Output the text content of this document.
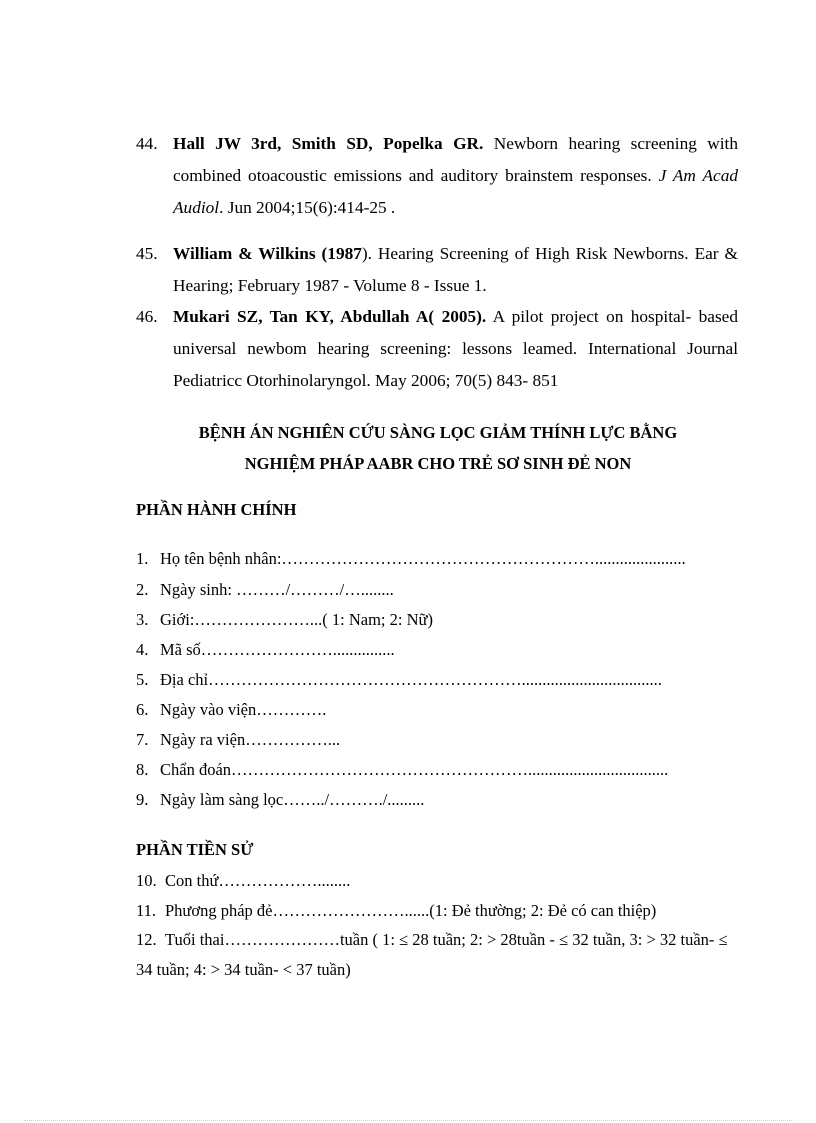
44. Hall JW 3rd, Smith SD, Popelka GR. Newborn hearing screening with combined otoacoustic emissions and auditory brainstem responses. J Am Acad Audiol. Jun 2004;15(6):414-25 .
45. William & Wilkins (1987). Hearing Screening of High Risk Newborns. Ear & Hearing; February 1987 - Volume 8 - Issue 1.
46. Mukari SZ, Tan KY, Abdullah A( 2005). A pilot project on hospital- based universal newbom hearing screening: lessons leamed. International Journal Pediatricc Otorhinolaryngol. May 2006; 70(5) 843- 851
BỆNH ÁN NGHIÊN CỨU SÀNG LỌC GIẢM THÍNH LỰC BẰNG
NGHIỆM PHÁP AABR CHO TRẺ SƠ SINH ĐẺ NON
PHẦN HÀNH CHÍNH
1. Họ tên bệnh nhân:…………………………………………………......................
2. Ngày sinh: ………/………/…........
3. Giới:…………………...( 1: Nam; 2: Nữ)
4. Mã số……………………...............
5. Địa chỉ…………………………………………………..................................
6. Ngày vào viện………….
7. Ngày ra viện……………...
8. Chẩn đoán………………………………………………..................................
9. Ngày làm sàng lọc……../………./.........
PHẦN TIỀN SỬ
10. Con thứ………………........
11. Phương pháp đẻ……………………......(1: Đẻ thường; 2: Đẻ có can thiệp)
12. Tuổi thai…………………tuần ( 1: ≤ 28 tuần; 2: > 28tuần - ≤ 32 tuần, 3: > 32 tuần- ≤ 34 tuần; 4: > 34 tuần- < 37 tuần)
